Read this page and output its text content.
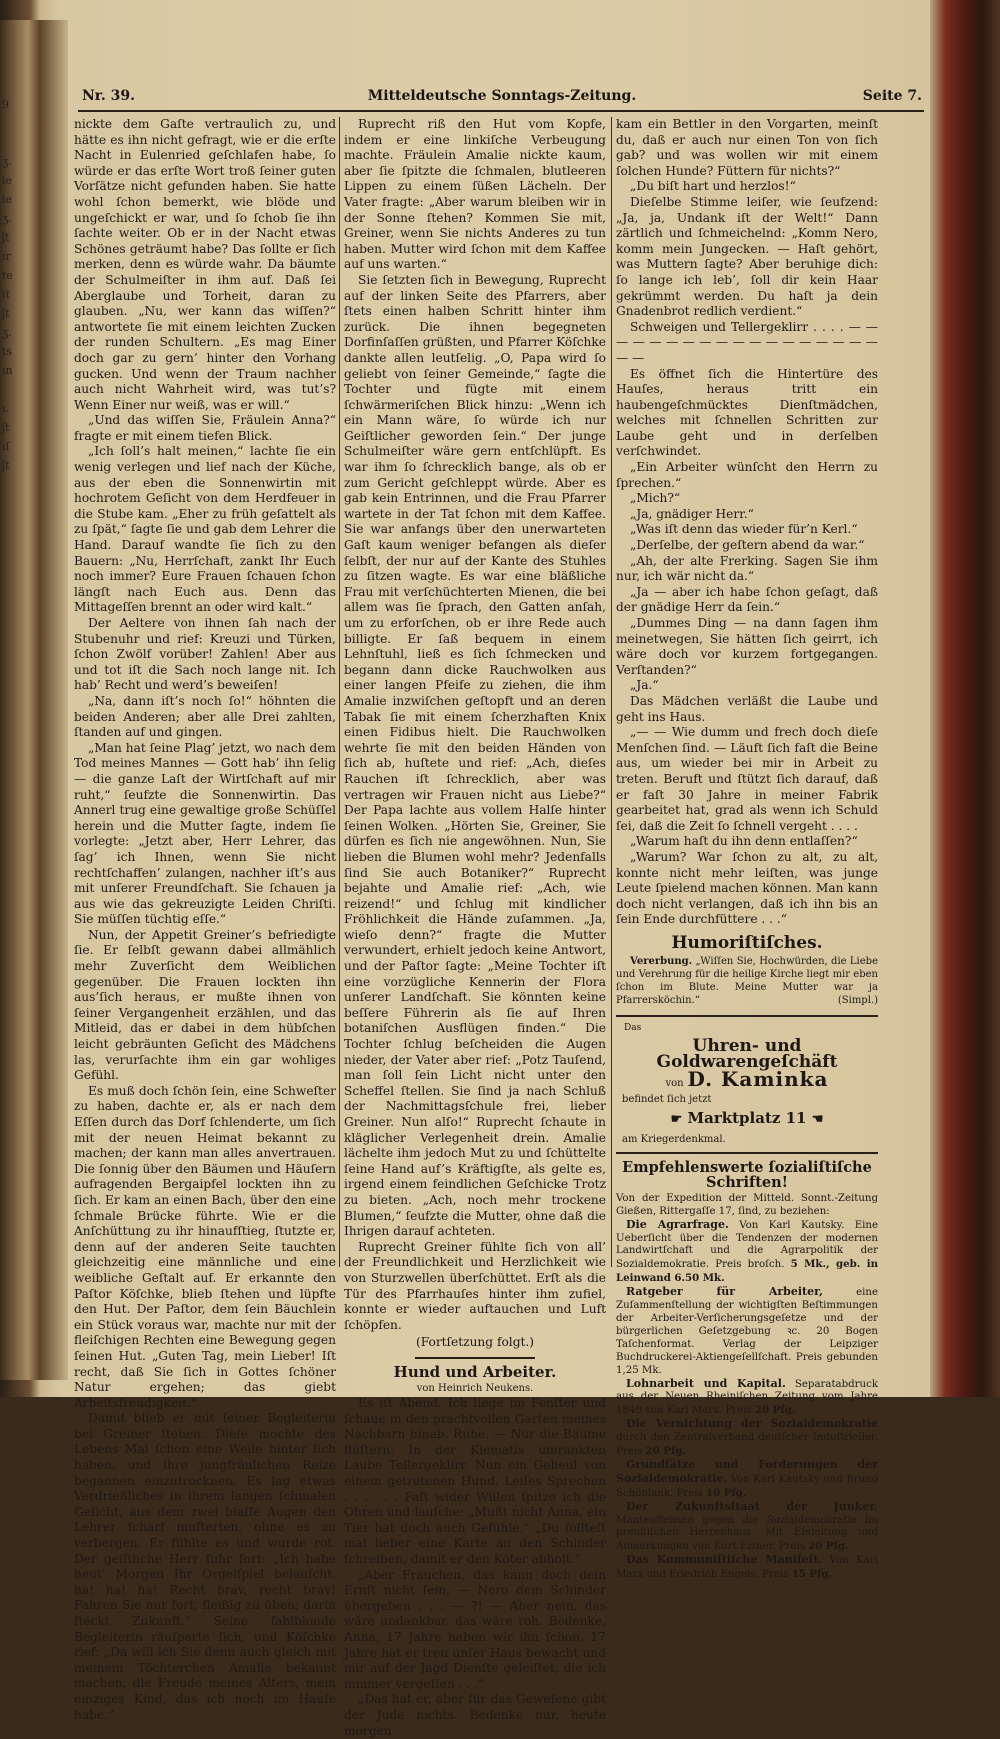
9

ʒ.
ie
ie
ʒ.
ʃt
ır
te
it
ʃt
ʒ.
ts
ın

ı.
ʃt
ıſ
ʃt

Nr. 39.	Mitteldeutsche Sonntags-Zeitung.	Seite 7.

nickte dem Gaſte vertraulich zu, und hätte es ihn nicht gefragt, wie er die erſte Nacht in Eulenried geſchlafen habe, ſo würde er das erſte Wort troß ſeiner guten Vorſätze nicht gefunden haben. Sie hatte wohl ſchon bemerkt, wie blöde und ungeſchickt er war, und ſo ſchob ſie ihn ſachte weiter. Ob er in der Nacht etwas Schönes geträumt habe? Das ſollte er ſich merken, denn es würde wahr. Da bäumte der Schulmeiſter in ihm auf. Daß ſei Aberglaube und Torheit, daran zu glauben. „Nu, wer kann das wiſſen?“ antwortete ſie mit einem leichten Zucken der runden Schultern. „Es mag Einer doch gar zu gern’ hinter den Vorhang gucken. Und wenn der Traum nachher auch nicht Wahrheit wird, was tut’s? Wenn Einer nur weiß, was er will.“

„Und das wiſſen Sie, Fräulein Anna?“ fragte er mit einem tiefen Blick.

„Ich ſoll’s halt meinen,“ lachte ſie ein wenig verlegen und lief nach der Küche, aus der eben die Sonnenwirtin mit hochrotem Geſicht von dem Herdfeuer in die Stube kam. „Eher zu früh geſattelt als zu ſpät,“ ſagte ſie und gab dem Lehrer die Hand. Darauf wandte ſie ſich zu den Bauern: „Nu, Herrſchaft, zankt Ihr Euch noch immer? Eure Frauen ſchauen ſchon längſt nach Euch aus. Denn das Mittageſſen brennt an oder wird kalt.“

Der Aeltere von ihnen ſah nach der Stubenuhr und rief: Kreuzi und Türken, ſchon Zwölf vorüber! Zahlen! Aber aus und tot iſt die Sach noch lange nit. Ich hab’ Recht und werd’s beweiſen!

„Na, dann iſt’s noch ſo!“ höhnten die beiden Anderen; aber alle Drei zahlten, ſtanden auf und gingen.

„Man hat ſeine Plag’ jetzt, wo nach dem Tod meines Mannes — Gott hab’ ihn ſelig — die ganze Laſt der Wirtſchaft auf mir ruht,“ ſeufzte die Sonnenwirtin. Das Annerl trug eine gewaltige große Schüſſel herein und die Mutter ſagte, indem ſie vorlegte: „Jetzt aber, Herr Lehrer, das ſag’ ich Ihnen, wenn Sie nicht rechtſchaffen’ zulangen, nachher iſt’s aus mit unſerer Freundſchaft. Sie ſchauen ja aus wie das gekreuzigte Leiden Chriſti. Sie müſſen tüchtig eſſe.“

Nun, der Appetit Greiner’s befriedigte ſie. Er ſelbſt gewann dabei allmählich mehr Zuverſicht dem Weiblichen gegenüber. Die Frauen lockten ihn aus’ſich heraus, er mußte ihnen von ſeiner Vergangenheit erzählen, und das Mitleid, das er dabei in dem hübſchen leicht gebräunten Geſicht des Mädchens las, verurſachte ihm ein gar wohliges Gefühl.

Es muß doch ſchön ſein, eine Schweſter zu haben, dachte er, als er nach dem Eſſen durch das Dorf ſchlenderte, um ſich mit der neuen Heimat bekannt zu machen; der kann man alles anvertrauen. Die ſonnig über den Bäumen und Häuſern aufragenden Bergaipfel lockten ihn zu ſich. Er kam an einen Bach, über den eine ſchmale Brücke führte. Wie er die Anſchüttung zu ihr hinaufſtieg, ſtutzte er, denn auf der anderen Seite tauchten gleichzeitig eine männliche und eine weibliche Geſtalt auf. Er erkannte den Paſtor Köſchke, blieb ſtehen und lüpfte den Hut. Der Paſtor, dem ſein Bäuchlein ein Stück voraus war, machte nur mit der fleiſchigen Rechten eine Bewegung gegen ſeinen Hut. „Guten Tag, mein Lieber! Iſt recht, daß Sie ſich in Gottes ſchöner Natur ergehen; das giebt Arbeitsfreudigkeit.“

Damit blieb er mit ſeiner Begleiterin bei Greiner ſtehen. Dieſe mochte des Lebens Mai ſchon eine Weile hinter ſich haben, und ihre jungfräulichen Reize begannen einzutrocknen. Es lag etwas Verdrießliches in ihrem langen ſchmalen Geſicht, aus dem zwei blaſſe Augen den Lehrer ſcharf muſterten, ohne es zu verbergen. Er fühlte es und wurde rot. Der geiſtliche Herr fuhr fort: „Ich habe heut’ Morgen Ihr Orgelſpiel belauſcht, ha! ha! ha! Recht brav, recht brav! Fahren Sie nur fort, fleißig zu üben; darin ſteckt Zukunft.“ Seine fahlblonde Begleiterin räuſperte ſich, und Köſchke rief: „Da will ich Sie denn auch gleich mit meinem Töchterchen Amalie bekannt machen, die Freude meines Alters, mein einziges Kind, das ich noch im Hauſe habe.“

Ruprecht riß den Hut vom Kopfe, indem er eine linkiſche Verbeugung machte. Fräulein Amalie nickte kaum, aber ſie ſpitzte die ſchmalen, blutleeren Lippen zu einem ſüßen Lächeln. Der Vater fragte: „Aber warum bleiben wir in der Sonne ſtehen? Kommen Sie mit, Greiner, wenn Sie nichts Anderes zu tun haben. Mutter wird ſchon mit dem Kaffee auf uns warten.“

Sie ſetzten ſich in Bewegung, Ruprecht auf der linken Seite des Pfarrers, aber ſtets einen halben Schritt hinter ihm zurück. Die ihnen begegneten Dorfinſaſſen grüßten, und Pfarrer Köſchke dankte allen leutſelig. „O, Papa wird ſo geliebt von ſeiner Gemeinde,“ ſagte die Tochter und fügte mit einem ſchwärmeriſchen Blick hinzu: „Wenn ich ein Mann wäre, ſo würde ich nur Geiſtlicher geworden ſein.“ Der junge Schulmeiſter wäre gern entſchlüpft. Es war ihm ſo ſchrecklich bange, als ob er zum Gericht geſchleppt würde. Aber es gab kein Entrinnen, und die Frau Pfarrer wartete in der Tat ſchon mit dem Kaffee. Sie war anfangs über den unerwarteten Gaſt kaum weniger befangen als dieſer ſelbſt, der nur auf der Kante des Stuhles zu ſitzen wagte. Es war eine bläßliche Frau mit verſchüchterten Mienen, die bei allem was ſie ſprach, den Gatten anſah, um zu erforſchen, ob er ihre Rede auch billigte. Er ſaß bequem in einem Lehnſtuhl, ließ es ſich ſchmecken und begann dann dicke Rauchwolken aus einer langen Pfeife zu ziehen, die ihm Amalie inzwiſchen geſtopft und an deren Tabak ſie mit einem ſcherzhaften Knix einen Fidibus hielt. Die Rauchwolken wehrte ſie mit den beiden Händen von ſich ab, huſtete und rief: „Ach, dieſes Rauchen iſt ſchrecklich, aber was vertragen wir Frauen nicht aus Liebe?“ Der Papa lachte aus vollem Halſe hinter ſeinen Wolken. „Hörten Sie, Greiner, Sie dürfen es ſich nie angewöhnen. Nun, Sie lieben die Blumen wohl mehr? Jedenfalls ſind Sie auch Botaniker?“ Ruprecht bejahte und Amalie rief: „Ach, wie reizend!“ und ſchlug mit kindlicher Fröhlichkeit die Hände zuſammen. „Ja, wieſo denn?“ fragte die Mutter verwundert, erhielt jedoch keine Antwort, und der Paſtor ſagte: „Meine Tochter iſt eine vorzügliche Kennerin der Flora unſerer Landſchaft. Sie könnten keine beſſere Führerin als ſie auf Ihren botaniſchen Ausflügen finden.“ Die Tochter ſchlug beſcheiden die Augen nieder, der Vater aber rief: „Potz Tauſend, man ſoll ſein Licht nicht unter den Scheffel ſtellen. Sie ſind ja nach Schluß der Nachmittagsſchule frei, lieber Greiner. Nun alſo!“ Ruprecht ſchaute in kläglicher Verlegenheit drein. Amalie lächelte ihm jedoch Mut zu und ſchüttelte ſeine Hand auf’s Kräftigſte, als gelte es, irgend einem feindlichen Geſchicke Trotz zu bieten. „Ach, noch mehr trockene Blumen,“ ſeufzte die Mutter, ohne daß die Ihrigen darauf achteten.

Ruprecht Greiner fühlte ſich von all’ der Freundlichkeit und Herzlichkeit wie von Sturzwellen überſchüttet. Erſt als die Tür des Pfarrhauſes hinter ihm zufiel, konnte er wieder auftauchen und Luft ſchöpfen.

(Fortſetzung folgt.)

Hund und Arbeiter.

von Heinrich Neukens.

Es iſt Abend. Ich liege im Fenſter und ſchaue in den prachtvollen Garten meines Nachbarn hinab. Ruhe. — Nur die Bäume flüſtern. In der Klematis umrankten Laube Tellergeklirr. Nun ein Geheul von einem getretenen Hund. Leiſes Sprechen . . . . . . Faſt wider Willen ſpitze ich die Ohren und lauſche: „Mußt nicht Anna, ein Tier hat doch auch Gefühle.“ „Du ſollteſt mal lieber eine Karte an den Schinder ſchreiben, damit er den Köter abholt.“

„Aber Frauchen, das kann doch dein Ernſt nicht ſein, — Nero dem Schinder übergeben . . . — ?! — Aber nein, das wäre undankbar, das wäre roh. Bedenke, Anna, 17 Jahre haben wir ihn ſchon, 17 Jahre hat er treu unſer Haus bewacht und mir auf der Jagd Dienſte geleiſtet, die ich nimmer vergeſſen . . .“

„Das hat er, aber für das Geweſene gibt der Jude nichts. Bedenke nur, heute morgen

kam ein Bettler in den Vorgarten, meinſt du, daß er auch nur einen Ton von ſich gab? und was wollen wir mit einem ſolchen Hunde? Füttern für nichts?“

„Du biſt hart und herzlos!“

Dieſelbe Stimme leiſer, wie ſeufzend: „Ja, ja, Undank iſt der Welt!“ Dann zärtlich und ſchmeichelnd: „Komm Nero, komm mein Jungecken. — Haſt gehört, was Muttern ſagte? Aber beruhige dich: ſo lange ich leb’, ſoll dir kein Haar gekrümmt werden. Du haſt ja dein Gnadenbrot redlich verdient.“

Schweigen und Tellergeklirr . . . . — — — — — — — — — — — — — — — — — — — —

Es öffnet ſich die Hintertüre des Hauſes, heraus tritt ein haubengeſchmücktes Dienſtmädchen, welches mit ſchnellen Schritten zur Laube geht und in derſelben verſchwindet.

„Ein Arbeiter wünſcht den Herrn zu ſprechen.“

„Mich?“

„Ja, gnädiger Herr.“

„Was iſt denn das wieder für’n Kerl.“

„Derſelbe, der geſtern abend da war.“

„Ah, der alte Frerking. Sagen Sie ihm nur, ich wär nicht da.“

„Ja — aber ich habe ſchon geſagt, daß der gnädige Herr da ſein.“

„Dummes Ding — na dann ſagen ihm meinetwegen, Sie hätten ſich geirrt, ich wäre doch vor kurzem fortgegangen. Verſtanden?“

„Ja.“

Das Mädchen verläßt die Laube und geht ins Haus.

„— — Wie dumm und frech doch dieſe Menſchen ſind. — Läuft ſich faſt die Beine aus, um wieder bei mir in Arbeit zu treten. Beruft und ſtützt ſich darauf, daß er faſt 30 Jahre in meiner Fabrik gearbeitet hat, grad als wenn ich Schuld ſei, daß die Zeit ſo ſchnell vergeht . . . .

„Warum haſt du ihn denn entlaſſen?“

„Warum? War ſchon zu alt, zu alt, konnte nicht mehr leiſten, was junge Leute ſpielend machen können. Man kann doch nicht verlangen, daß ich ihn bis an ſein Ende durchfüttere . . .“

Humoriſtiſches.

Vererbung. „Wiſſen Sie, Hochwürden, die Liebe und Verehrung für die heilige Kirche liegt mir eben ſchon im Blute. Meine Mutter war ja Pfarrersköchin.“	(Simpl.)

Das
Uhren- und Goldwarengeſchäft
von D. Kaminka
befindet ſich jetzt
☛ Marktplatz 11 ☚
am Kriegerdenkmal.
Empfehlenswerte ſozialiſtiſche Schriften!

Von der Expedition der Mitteld. Sonnt.-Zeitung Gießen, Rittergaſſe 17, ſind, zu beziehen:

Die Agrarfrage. Von Karl Kautsky. Eine Ueberſicht über die Tendenzen der modernen Landwirtſchaft und die Agrarpolitik der Sozialdemokratie. Preis broſch. 5 Mk., geb. in Leinwand 6.50 Mk.

Ratgeber für Arbeiter,	eine Zuſammenſtellung der wichtigſten Beſtimmungen der Arbeiter-Verſicherungsgeſetze und der bürgerlichen Geſetzgebung ꝛc. 20 Bogen Taſchenformat. Verlag der Leipziger Buchdruckerei-Aktiengeſellſchaft. Preis gebunden 1,25 Mk.

Lohnarbeit und Kapital. Separatabdruck aus der Neuen Rheiniſchen Zeitung vom Jahre 1849 von Karl Marx. Preis 20 Pfg.

Die Vernichtung der Sozialdemokratie durch den Zentralverband deutſcher Induſtrieller. Preis 20 Pfg.

Grundſätze und Forderungen der Sozialdemokratie. Von Karl Kautsky und Bruno Schönlank. Preis 10 Pfg.

Der Zukunftsſtaat der Junker. Manteuffeleien gegen die Sozialdemokratie im preußiſchen Herrenhaus. Mit Einleitung und Anmerkungen von Kurt Eisner. Preis 20 Pfg.

Das Kommuniſtiſche Manifeſt. Von Karl Marx und Friedrich Engels. Preis 15 Pfg.
